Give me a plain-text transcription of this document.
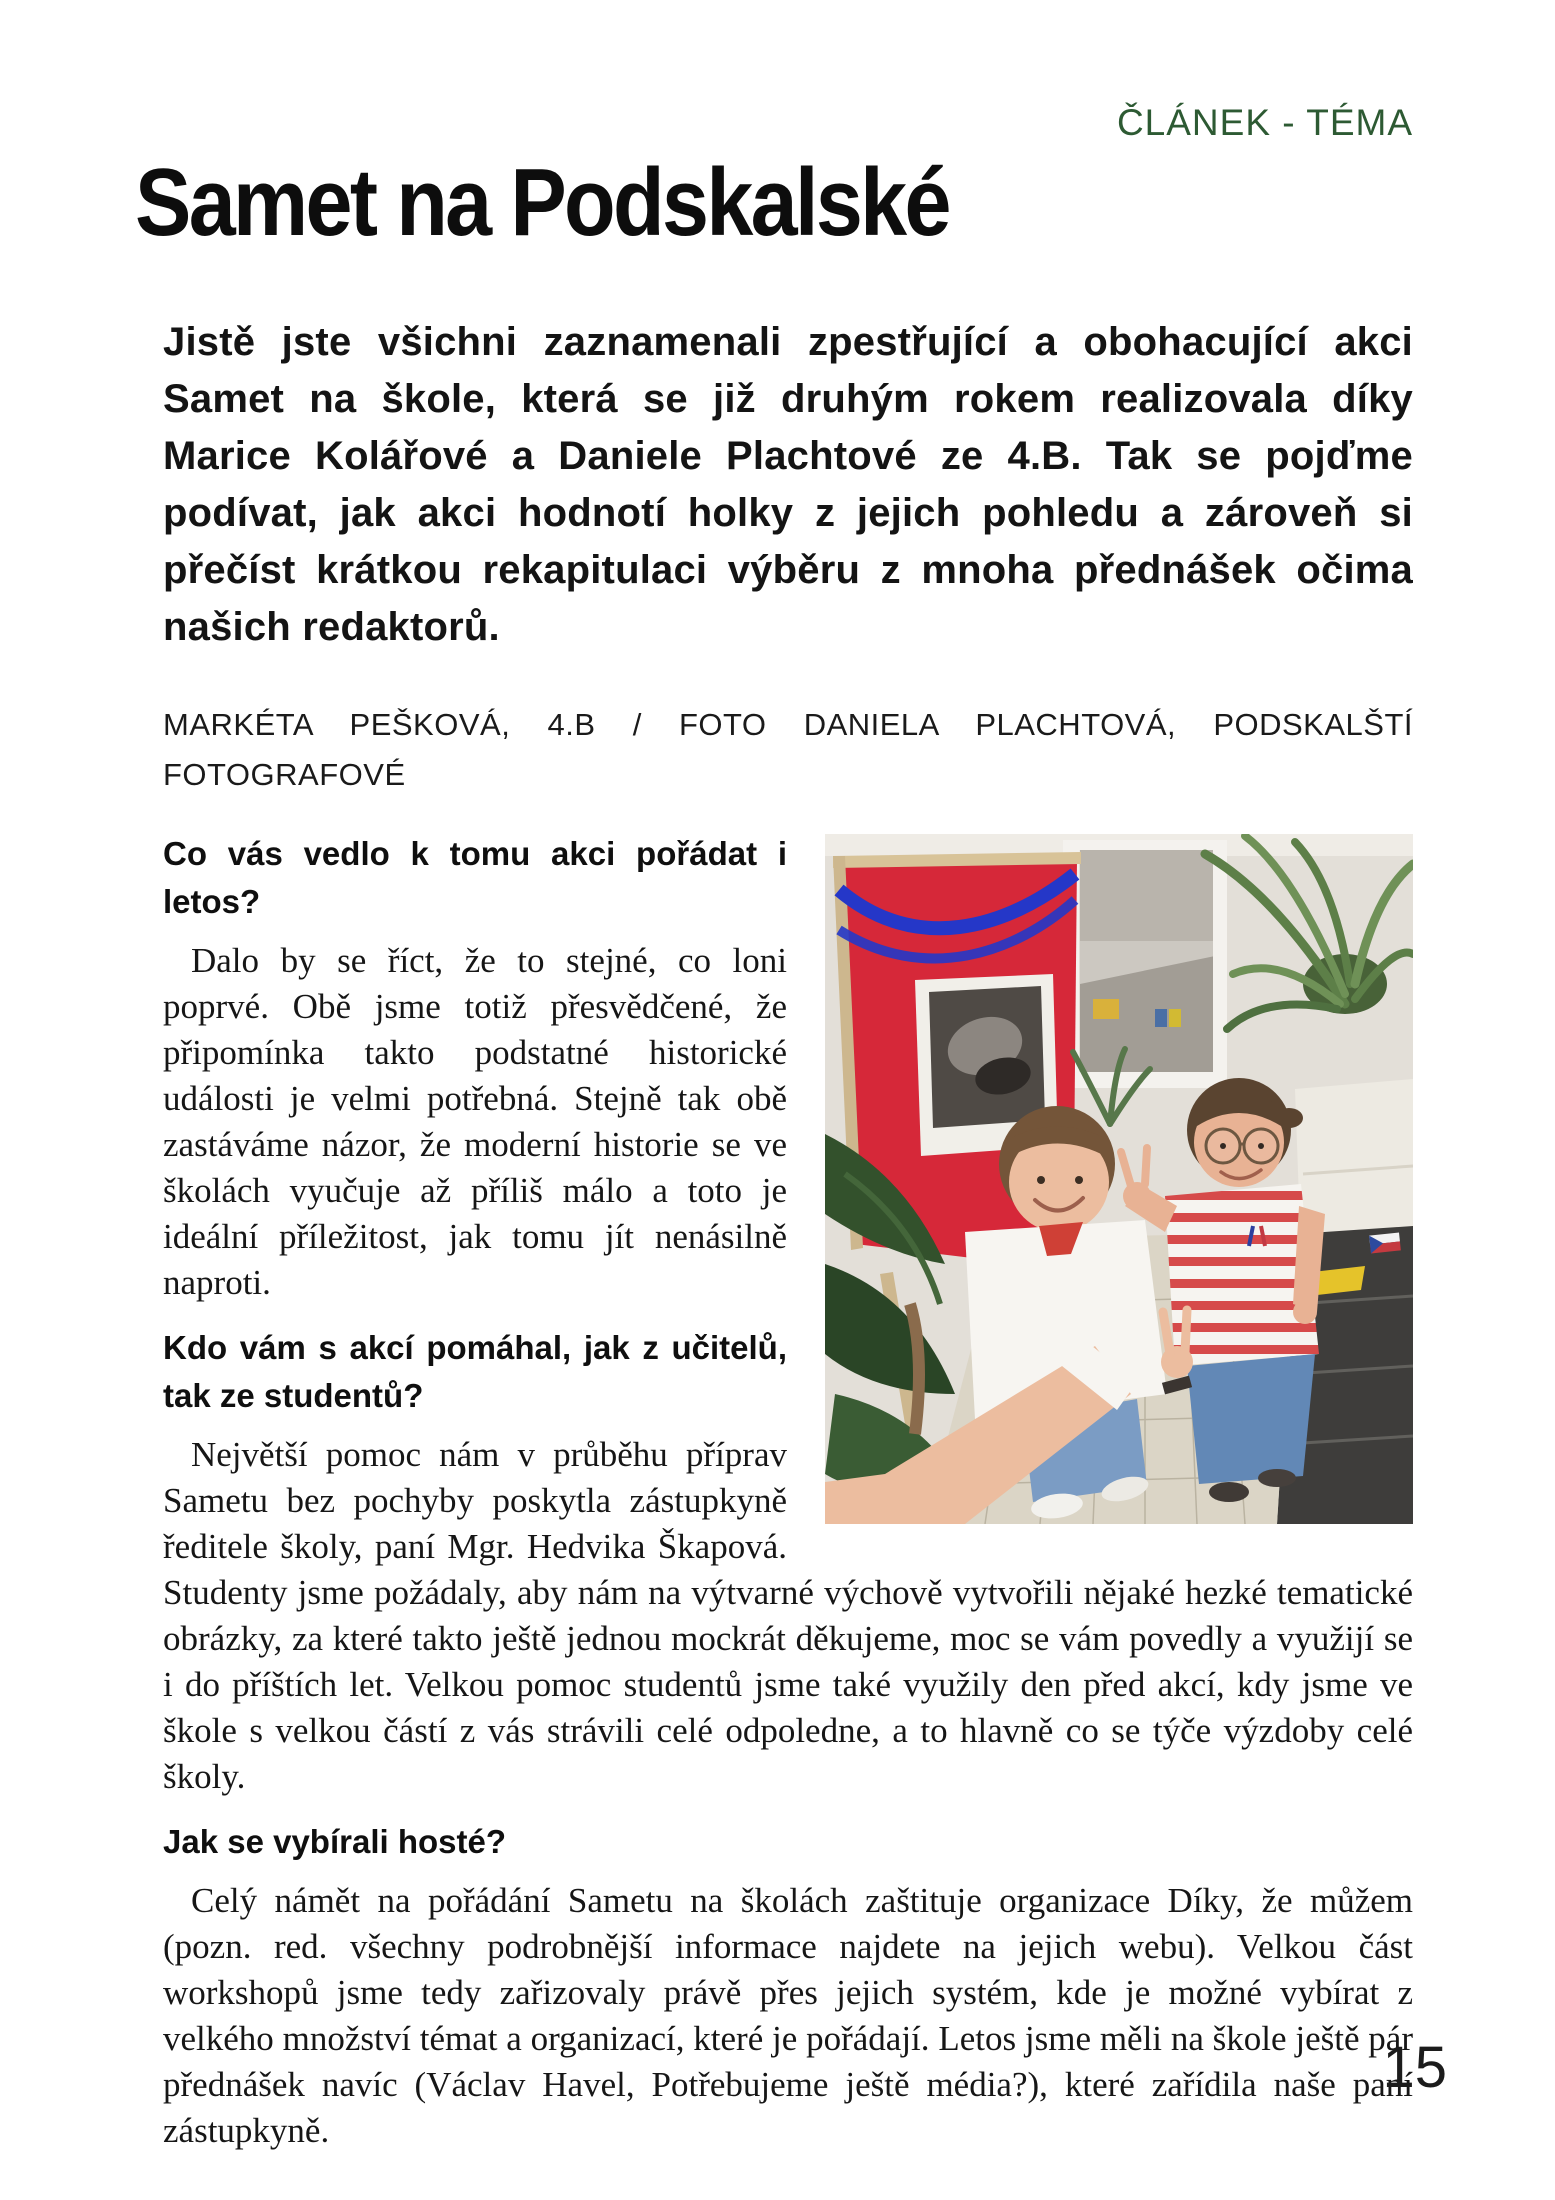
ČLÁNEK - TÉMA
Samet na Podskalské

Jistě jste všichni zaznamenali zpestřující a obohacující akci Samet na škole, která se již druhým rokem realizovala díky Marice Kolářové a Daniele Plachtové ze 4.B. Tak se pojďme podívat, jak akci hodnotí holky z jejich pohledu a zároveň si přečíst krátkou rekapitulaci výběru z mnoha přednášek očima našich redaktorů.

MARKÉTA PEŠKOVÁ, 4.B / FOTO DANIELA PLACHTOVÁ, PODSKALŠTÍ FOTOGRAFOVÉ

Co vás vedlo k tomu akci pořádat i letos?

Dalo by se říct, že to stejné, co loni poprvé. Obě jsme totiž přesvědčené, že připomínka takto podstatné historické události je velmi potřebná. Stejně tak obě zastáváme názor, že moderní historie se ve školách vyučuje až příliš málo a toto je ideální příležitost, jak tomu jít nenásilně naproti.

Kdo vám s akcí pomáhal, jak z učitelů, tak ze studentů?

Největší pomoc nám v průběhu příprav Sametu bez pochyby poskytla zástupkyně ředitele školy, paní Mgr. Hedvika Škapová. Studenty jsme požádaly, aby nám na výtvarné výchově vytvořili nějaké hezké tematické obrázky, za které takto ještě jednou mockrát děkujeme, moc se vám povedly a využijí se i do příštích let. Velkou pomoc studentů jsme také využily den před akcí, kdy jsme ve škole s velkou částí z vás strávili celé odpoledne, a to hlavně co se týče výzdoby celé školy.

Jak se vybírali hosté?

Celý námět na pořádání Sametu na školách zaštituje organizace Díky, že můžem (pozn. red. všechny podrobnější informace najdete na jejich webu). Velkou část workshopů jsme tedy zařizovaly právě přes jejich systém, kde je možné vybírat z velkého množství témat a organizací, které je pořádají. Letos jsme měli na škole ještě pár přednášek navíc (Václav Havel, Potřebujeme ještě média?), které zařídila naše paní zástupkyně.

15
